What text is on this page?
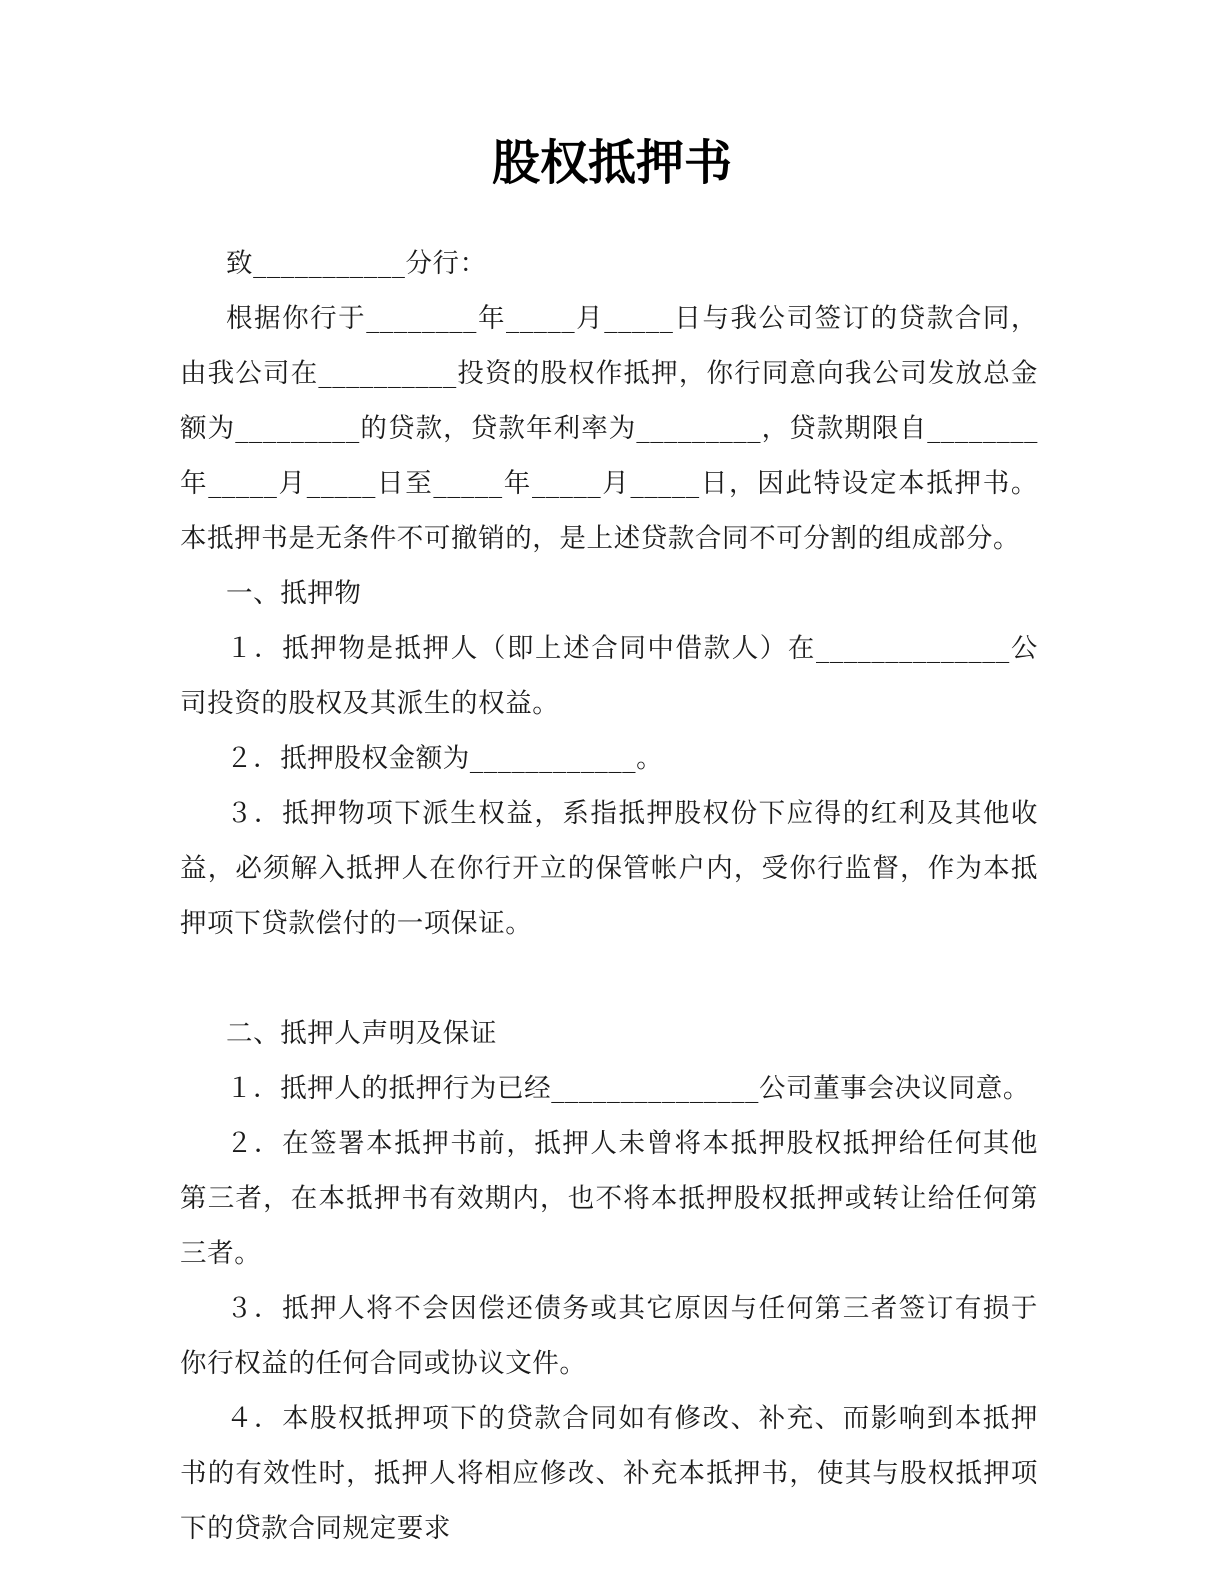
股权抵押书

致___________分行：

根据你行于________年_____月_____日与我公司签订的贷款合同，由我公司在__________投资的股权作抵押，你行同意向我公司发放总金额为_________的贷款，贷款年利率为_________，贷款期限自________年_____月_____日至_____年_____月_____日，因此特设定本抵押书。本抵押书是无条件不可撤销的，是上述贷款合同不可分割的组成部分。

一、抵押物

１．抵押物是抵押人（即上述合同中借款人）在______________公司投资的股权及其派生的权益。

２．抵押股权金额为____________。

３．抵押物项下派生权益，系指抵押股权份下应得的红利及其他收益，必须解入抵押人在你行开立的保管帐户内，受你行监督，作为本抵押项下贷款偿付的一项保证。

二、抵押人声明及保证

１．抵押人的抵押行为已经_______________公司董事会决议同意。

２．在签署本抵押书前，抵押人未曾将本抵押股权抵押给任何其他第三者，在本抵押书有效期内，也不将本抵押股权抵押或转让给任何第三者。

３．抵押人将不会因偿还债务或其它原因与任何第三者签订有损于你行权益的任何合同或协议文件。

４．本股权抵押项下的贷款合同如有修改、补充、而影响到本抵押书的有效性时，抵押人将相应修改、补充本抵押书，使其与股权抵押项下的贷款合同规定要求
